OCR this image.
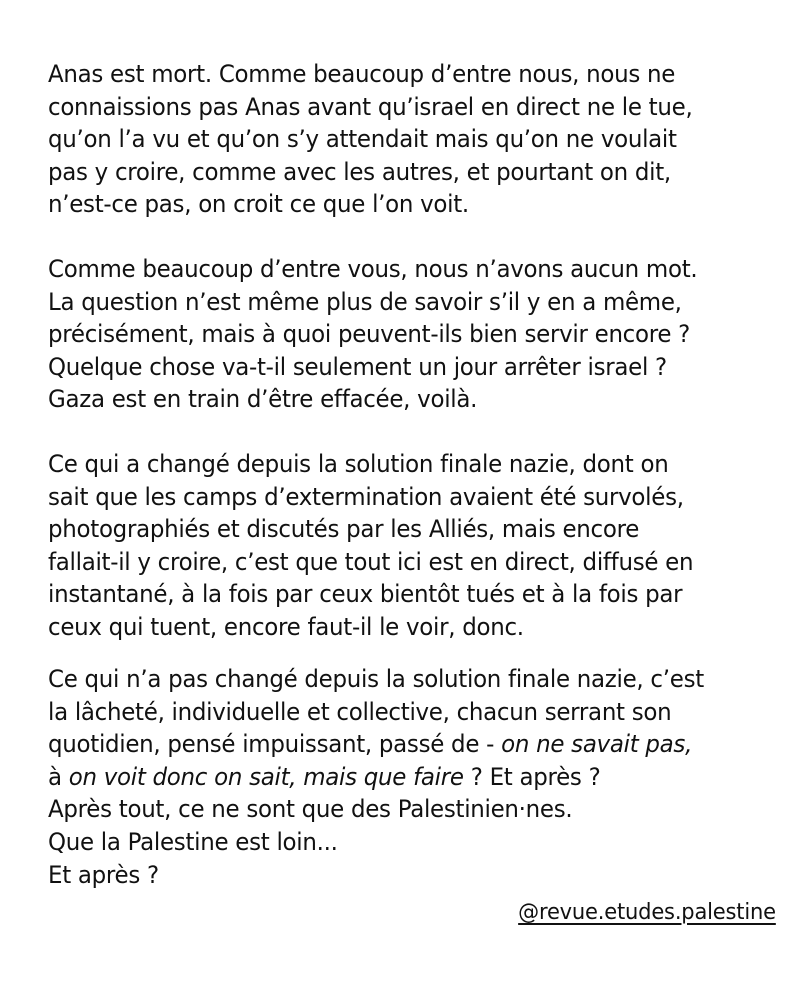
Anas est mort. Comme beaucoup d’entre nous, nous ne
connaissions pas Anas avant qu’israel en direct ne le tue,
qu’on l’a vu et qu’on s’y attendait mais qu’on ne voulait
pas y croire, comme avec les autres, et pourtant on dit,
n’est-ce pas, on croit ce que l’on voit.
Comme beaucoup d’entre vous, nous n’avons aucun mot.
La question n’est même plus de savoir s’il y en a même,
précisément, mais à quoi peuvent-ils bien servir encore ?
Quelque chose va-t-il seulement un jour arrêter israel ?
Gaza est en train d’être effacée, voilà.
Ce qui a changé depuis la solution finale nazie, dont on
sait que les camps d’extermination avaient été survolés,
photographiés et discutés par les Alliés, mais encore
fallait-il y croire, c’est que tout ici est en direct, diffusé en
instantané, à la fois par ceux bientôt tués et à la fois par
ceux qui tuent, encore faut-il le voir, donc.
Ce qui n’a pas changé depuis la solution finale nazie, c’est
la lâcheté, individuelle et collective, chacun serrant son
quotidien, pensé impuissant, passé de - on ne savait pas,
à on voit donc on sait, mais que faire ? Et après ?
Après tout, ce ne sont que des Palestinien·nes.
Que la Palestine est loin...
Et après ?
@revue.etudes.palestine
